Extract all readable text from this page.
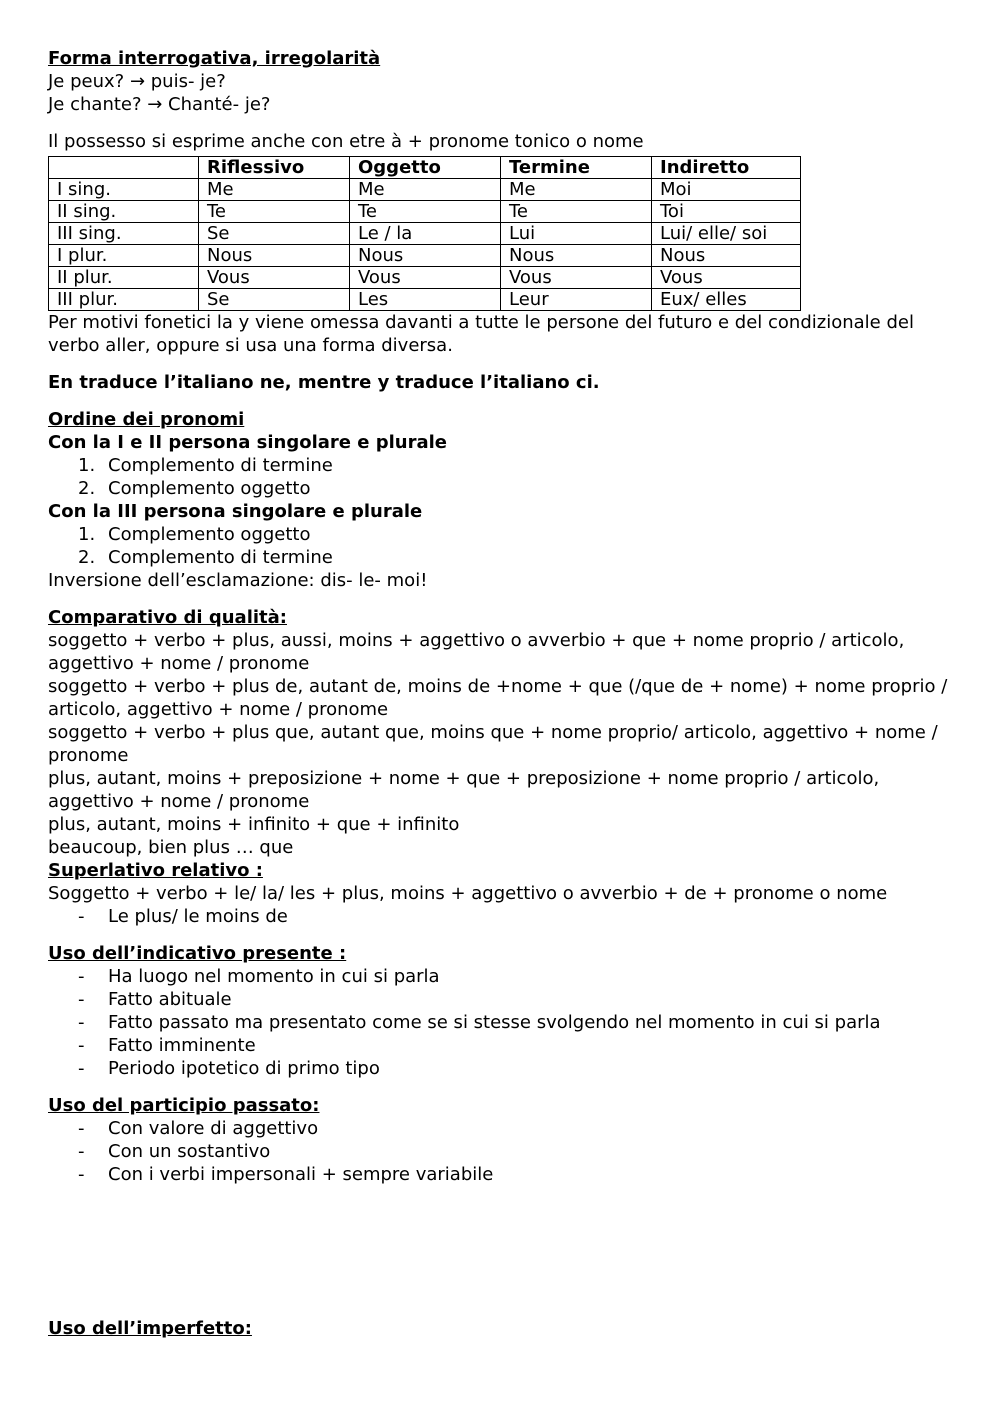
Forma interrogativa, irregolarità

Je peux? → puis- je?

Je chante? → Chanté- je?

Il possesso si esprime anche con etre à + pronome tonico o nome

	Riflessivo	Oggetto	Termine	Indiretto
I sing.	Me	Me	Me	Moi
II sing.	Te	Te	Te	Toi
III sing.	Se	Le / la	Lui	Lui/ elle/ soi
I plur.	Nous	Nous	Nous	Nous
II plur.	Vous	Vous	Vous	Vous
III plur.	Se	Les	Leur	Eux/ elles

Per motivi fonetici la y viene omessa davanti a tutte le persone del futuro e del condizionale del verbo aller, oppure si usa una forma diversa.

En traduce l’italiano ne, mentre y traduce l’italiano ci.

Ordine dei pronomi

Con la I e II persona singolare e plurale

1. Complemento di termine
2. Complemento oggetto

Con la III persona singolare e plurale

1. Complemento oggetto
2. Complemento di termine

Inversione dell’esclamazione: dis- le- moi!

Comparativo di qualità:

soggetto + verbo + plus, aussi, moins + aggettivo o avverbio + que + nome proprio / articolo, aggettivo + nome / pronome

soggetto + verbo + plus de, autant de, moins de +nome + que (/que de + nome) + nome proprio / articolo, aggettivo + nome / pronome

soggetto + verbo + plus que, autant que, moins que + nome proprio/ articolo, aggettivo + nome / pronome

plus, autant, moins + preposizione + nome + que + preposizione + nome proprio / articolo, aggettivo + nome / pronome

plus, autant, moins + infinito + que + infinito

beaucoup, bien plus … que

Superlativo relativo :

Soggetto + verbo + le/ la/ les + plus, moins + aggettivo o avverbio + de + pronome o nome

- Le plus/ le moins de

Uso dell’indicativo presente :

- Ha luogo nel momento in cui si parla
- Fatto abituale
- Fatto passato ma presentato come se si stesse svolgendo nel momento in cui si parla
- Fatto imminente
- Periodo ipotetico di primo tipo

Uso del participio passato:

- Con valore di aggettivo
- Con un sostantivo
- Con i verbi impersonali + sempre variabile

Uso dell’imperfetto:
